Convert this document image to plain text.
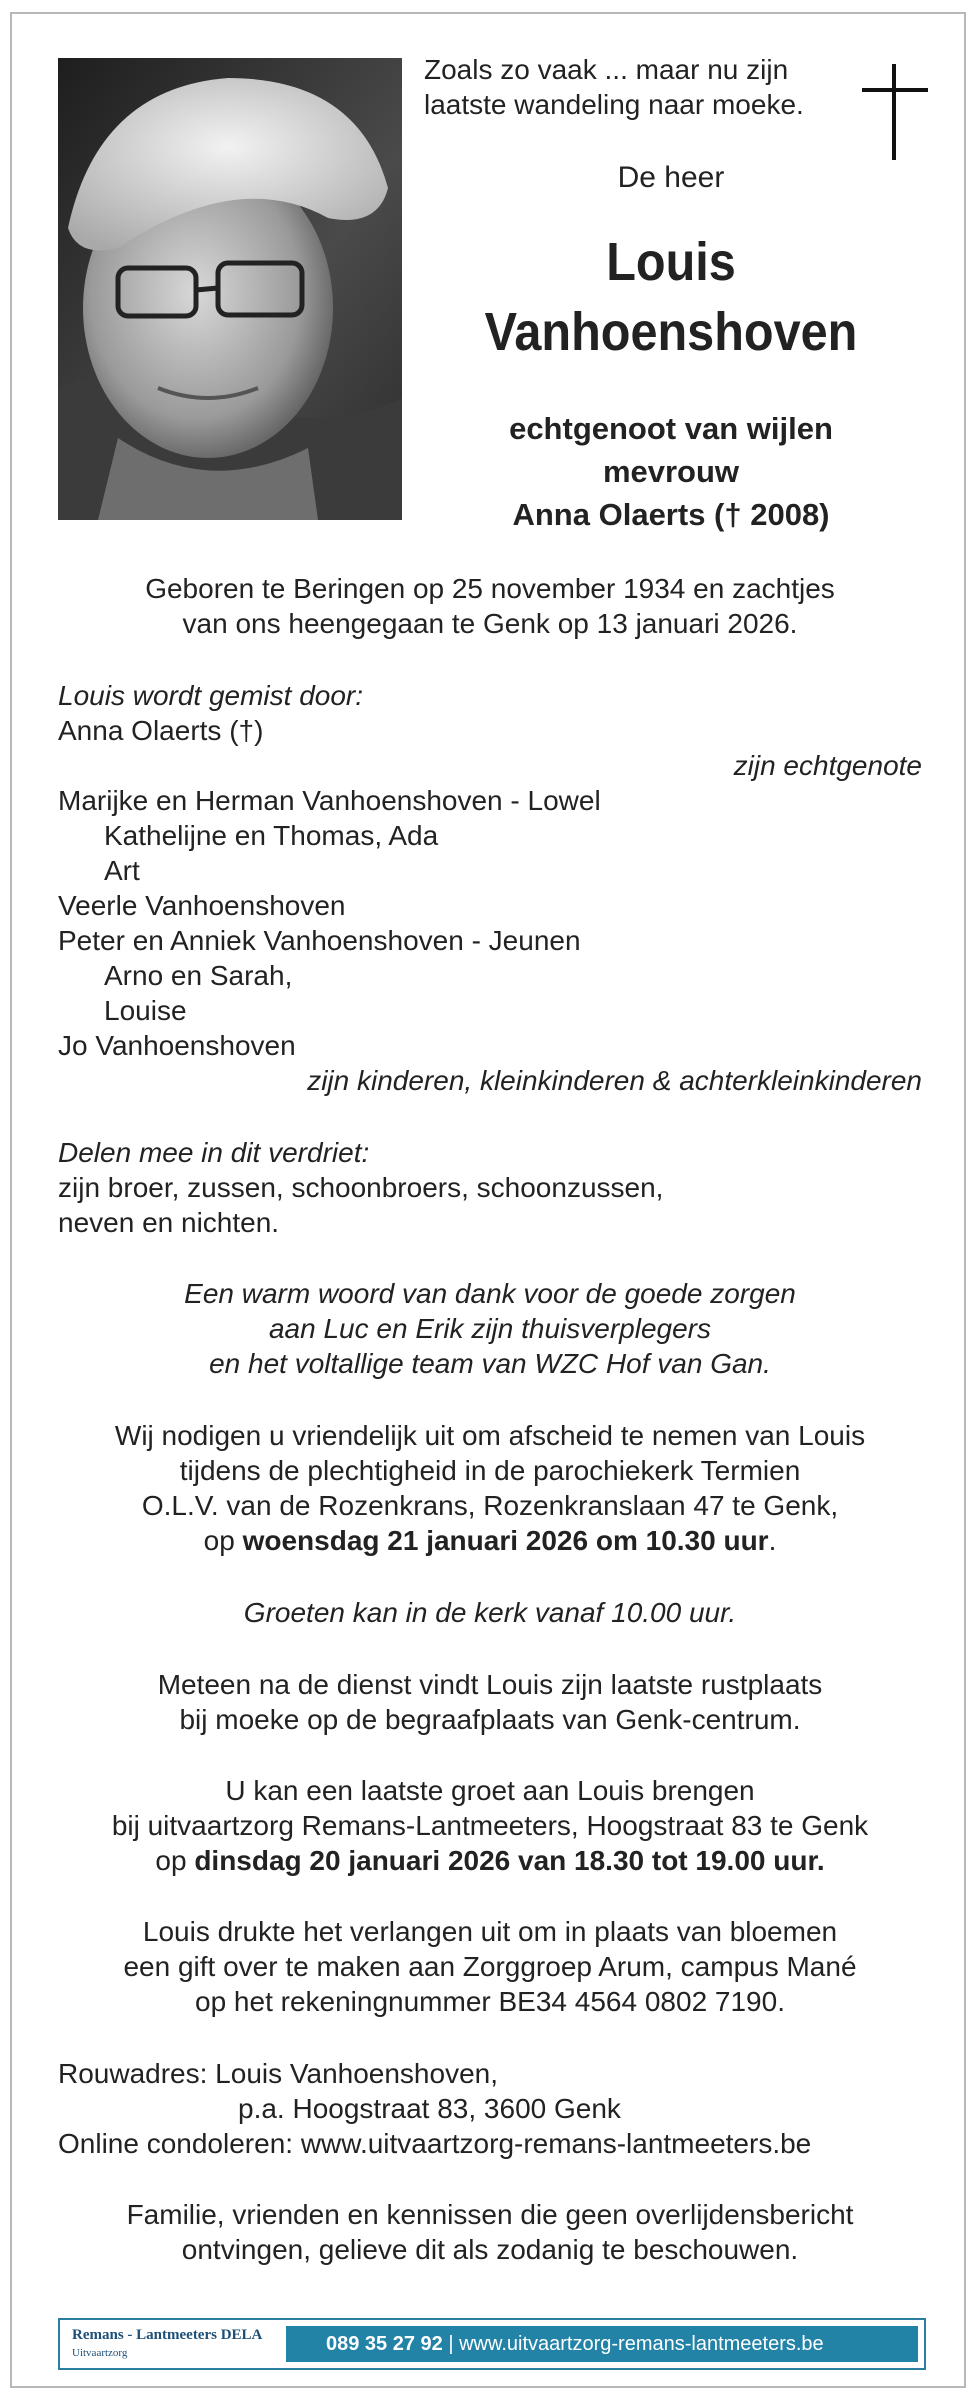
Zoals zo vaak ... maar nu zijn
laatste wandeling naar moeke.
De heer
Louis
Vanhoenshoven
echtgenoot van wijlen
mevrouw
Anna Olaerts († 2008)
Geboren te Beringen op 25 november 1934 en zachtjes
van ons heengegaan te Genk op 13 januari 2026.
Louis wordt gemist door:
Anna Olaerts (†)
zijn echtgenote
Marijke en Herman Vanhoenshoven - Lowel
Kathelijne en Thomas, Ada
Art
Veerle Vanhoenshoven
Peter en Anniek Vanhoenshoven - Jeunen
Arno en Sarah,
Louise
Jo Vanhoenshoven
zijn kinderen, kleinkinderen & achterkleinkinderen
Delen mee in dit verdriet:
zijn broer, zussen, schoonbroers, schoonzussen,
neven en nichten.
Een warm woord van dank voor de goede zorgen
aan Luc en Erik zijn thuisverplegers
en het voltallige team van WZC Hof van Gan.
Wij nodigen u vriendelijk uit om afscheid te nemen van Louis
tijdens de plechtigheid in de parochiekerk Termien
O.L.V. van de Rozenkrans, Rozenkranslaan 47 te Genk,
op woensdag 21 januari 2026 om 10.30 uur.
Groeten kan in de kerk vanaf 10.00 uur.
Meteen na de dienst vindt Louis zijn laatste rustplaats
bij moeke op de begraafplaats van Genk-centrum.
U kan een laatste groet aan Louis brengen
bij uitvaartzorg Remans-Lantmeeters, Hoogstraat 83 te Genk
op dinsdag 20 januari 2026 van 18.30 tot 19.00 uur.
Louis drukte het verlangen uit om in plaats van bloemen
een gift over te maken aan Zorggroep Arum, campus Mané
op het rekeningnummer BE34 4564 0802 7190.
Rouwadres: Louis Vanhoenshoven,
p.a. Hoogstraat 83, 3600 Genk
Online condoleren: www.uitvaartzorg-remans-lantmeeters.be
Familie, vrienden en kennissen die geen overlijdensbericht
ontvingen, gelieve dit als zodanig te beschouwen.
Remans - Lantmeeters DELA
Uitvaartzorg	089 35 27 92 | www.uitvaartzorg-remans-lantmeeters.be
